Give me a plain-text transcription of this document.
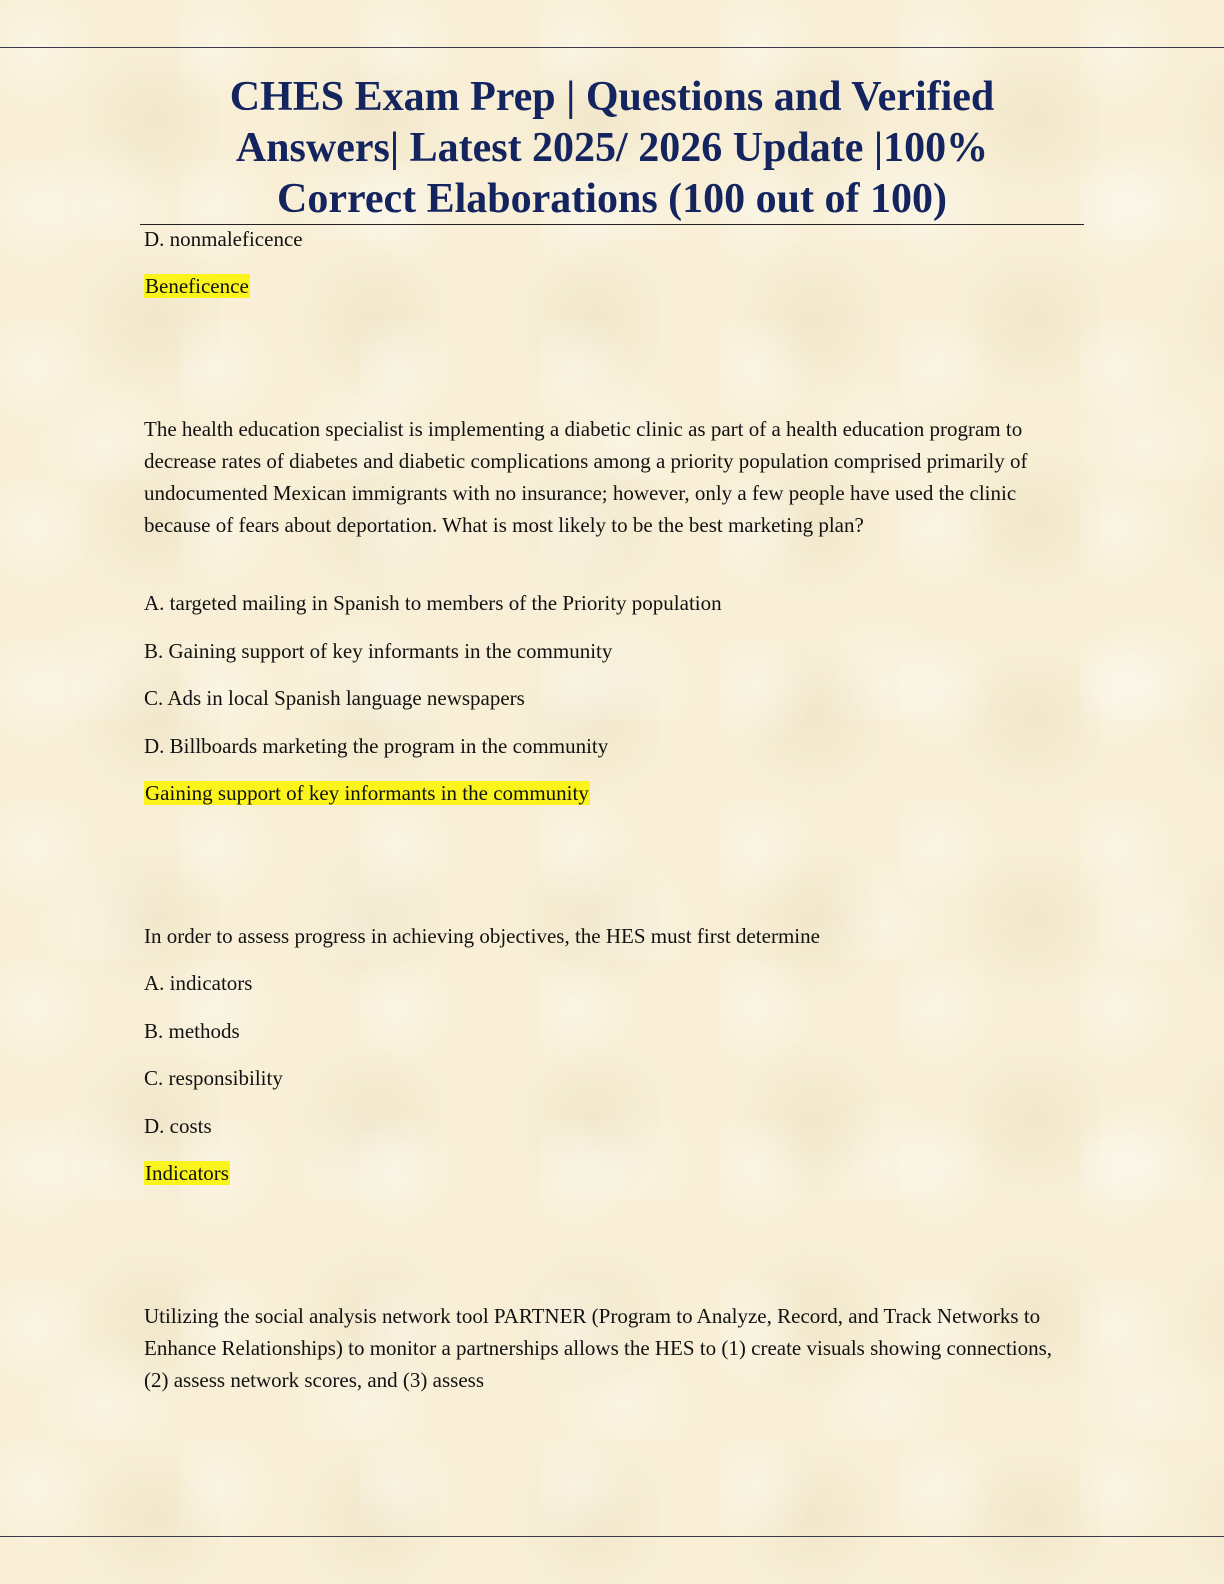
CHES Exam Prep | Questions and Verified
Answers| Latest 2025/ 2026 Update |100%
Correct Elaborations (100 out of 100)

D. nonmaleficence

Beneficence

The health education specialist is implementing a diabetic clinic as part of a health education program to decrease rates of diabetes and diabetic complications among a priority population comprised primarily of undocumented Mexican immigrants with no insurance; however, only a few people have used the clinic because of fears about deportation. What is most likely to be the best marketing plan?

A. targeted mailing in Spanish to members of the Priority population

B. Gaining support of key informants in the community

C. Ads in local Spanish language newspapers

D. Billboards marketing the program in the community

Gaining support of key informants in the community

In order to assess progress in achieving objectives, the HES must first determine

A. indicators

B. methods

C. responsibility

D. costs

Indicators

Utilizing the social analysis network tool PARTNER (Program to Analyze, Record, and Track Networks to Enhance Relationships) to monitor a partnerships allows the HES to (1) create visuals showing connections, (2) assess network scores, and (3) assess
